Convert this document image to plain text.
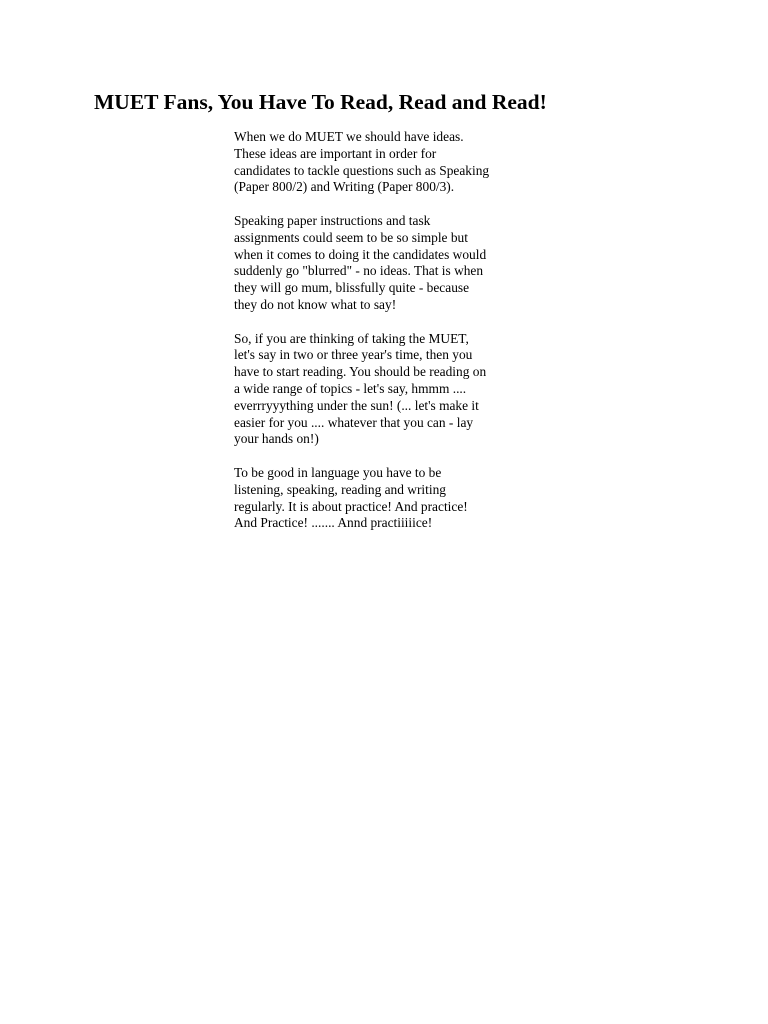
MUET Fans, You Have To Read, Read and Read!

When we do MUET we should have ideas.
These ideas are important in order for
candidates to tackle questions such as Speaking
(Paper 800/2) and Writing (Paper 800/3).

Speaking paper instructions and task
assignments could seem to be so simple but
when it comes to doing it the candidates would
suddenly go "blurred" - no ideas. That is when
they will go mum, blissfully quite - because
they do not know what to say!

So, if you are thinking of taking the MUET,
let's say in two or three year's time, then you
have to start reading. You should be reading on
a wide range of topics - let's say, hmmm ....
everrryyything under the sun! (... let's make it
easier for you .... whatever that you can - lay
your hands on!)

To be good in language you have to be
listening, speaking, reading and writing
regularly. It is about practice! And practice!
And Practice! ....... Annd practiiiiice!
